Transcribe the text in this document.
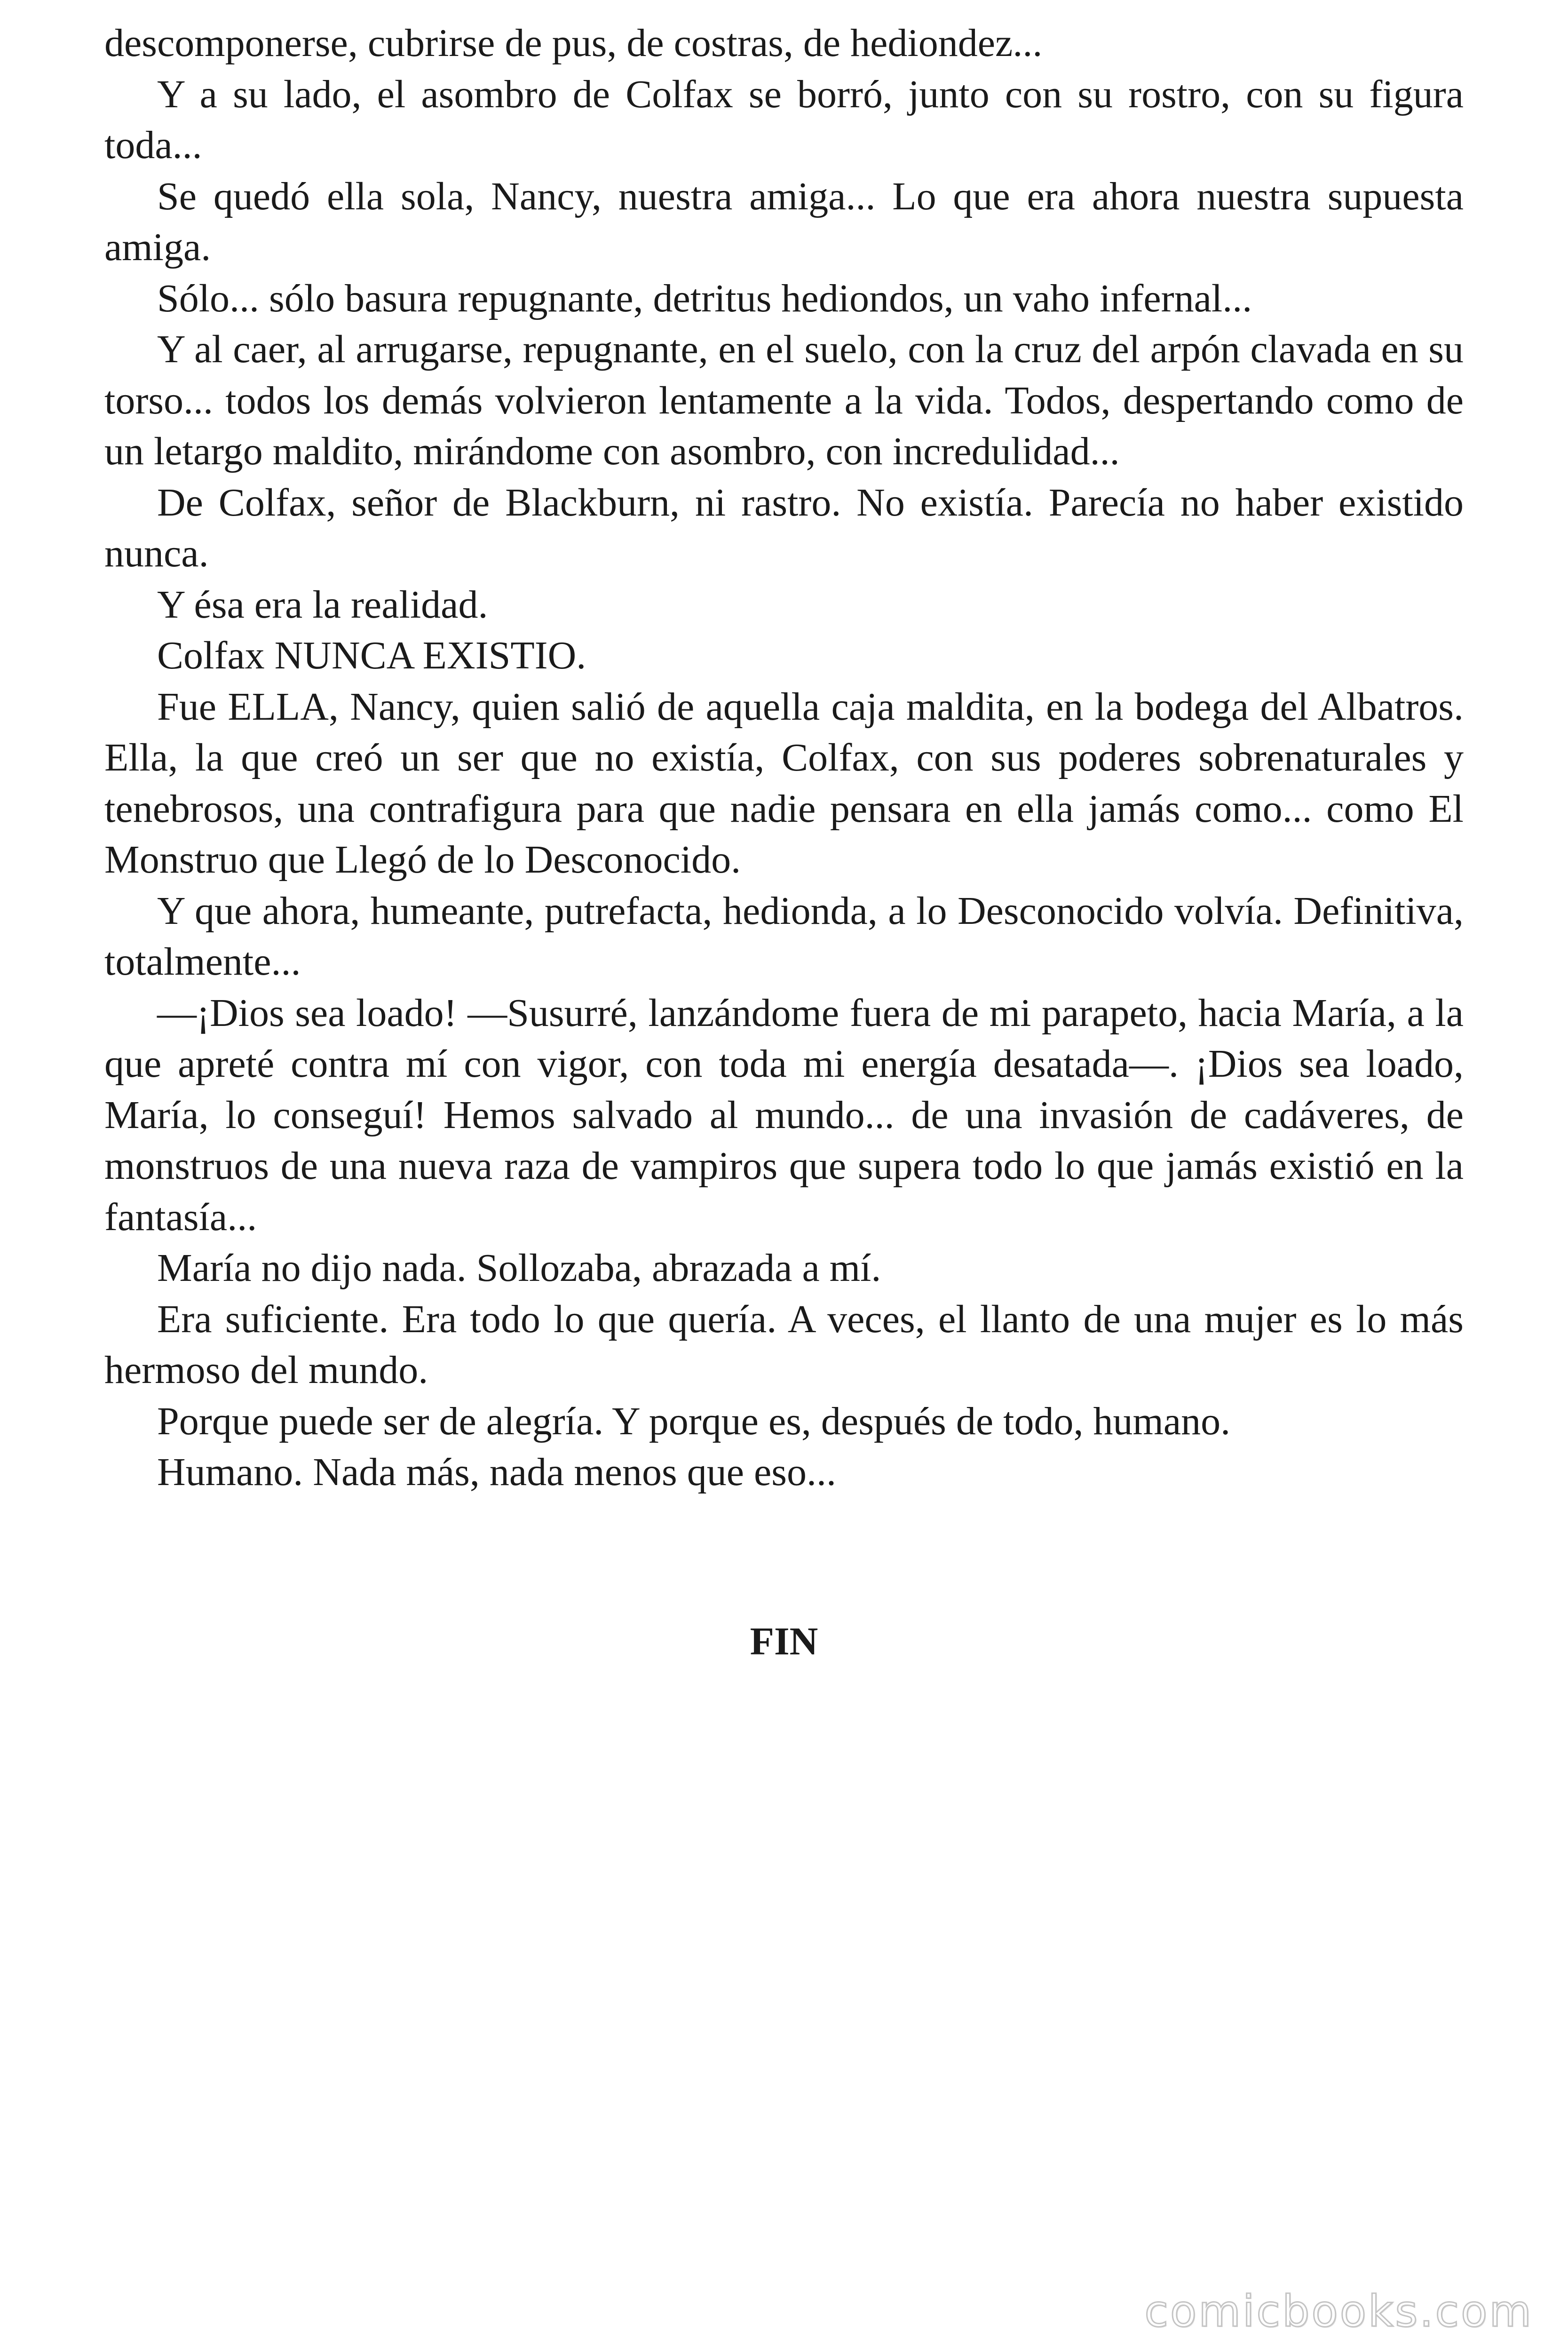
descomponerse, cubrirse de pus, de costras, de hediondez...

Y a su lado, el asombro de Colfax se borró, junto con su rostro, con su figura toda...

Se quedó ella sola, Nancy, nuestra amiga... Lo que era ahora nuestra supuesta amiga.

Sólo... sólo basura repugnante, detritus hediondos, un vaho infernal...

Y al caer, al arrugarse, repugnante, en el suelo, con la cruz del arpón clavada en su torso... todos los demás volvieron lentamente a la vida. Todos, despertando como de un letargo maldito, mirándome con asombro, con incredulidad...

De Colfax, señor de Blackburn, ni rastro. No existía. Parecía no haber existido nunca.

Y ésa era la realidad.

Colfax NUNCA EXISTIO.

Fue ELLA, Nancy, quien salió de aquella caja maldita, en la bodega del Albatros. Ella, la que creó un ser que no existía, Colfax, con sus poderes sobrenaturales y tenebrosos, una contrafigura para que nadie pensara en ella jamás como... como El Monstruo que Llegó de lo Desconocido.

Y que ahora, humeante, putrefacta, hedionda, a lo Desconocido volvía. Definitiva, totalmente...

—¡Dios sea loado! —Susurré, lanzándome fuera de mi parapeto, hacia María, a la que apreté contra mí con vigor, con toda mi energía desatada—. ¡Dios sea loado, María, lo conseguí! Hemos salvado al mundo... de una invasión de cadáveres, de monstruos de una nueva raza de vampiros que supera todo lo que jamás existió en la fantasía...

María no dijo nada. Sollozaba, abrazada a mí.

Era suficiente. Era todo lo que quería. A veces, el llanto de una mujer es lo más hermoso del mundo.

Porque puede ser de alegría. Y porque es, después de todo, humano.

Humano. Nada más, nada menos que eso...

FIN

comicbooks.com
